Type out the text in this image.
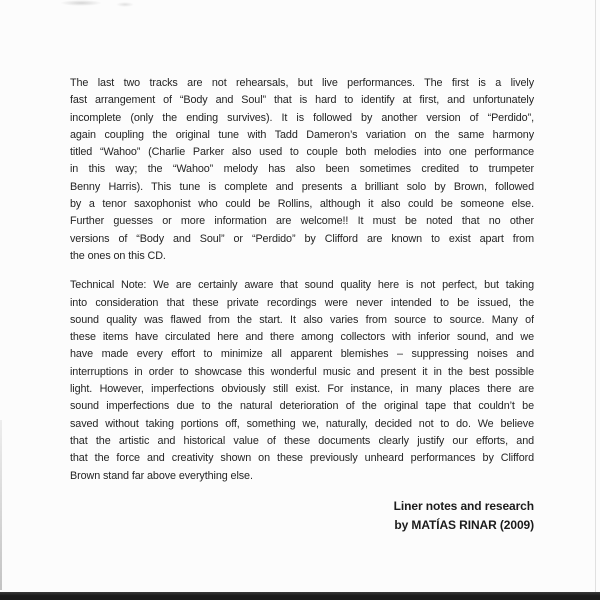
The last two tracks are not rehearsals, but live performances. The first is a lively
fast arrangement of “Body and Soul” that is hard to identify at first, and unfortunately
incomplete (only the ending survives). It is followed by another version of “Perdido”,
again coupling the original tune with Tadd Dameron’s variation on the same harmony
titled “Wahoo” (Charlie Parker also used to couple both melodies into one performance
in this way; the “Wahoo” melody has also been sometimes credited to trumpeter
Benny Harris). This tune is complete and presents a brilliant solo by Brown, followed
by a tenor saxophonist who could be Rollins, although it also could be someone else.
Further guesses or more information are welcome!! It must be noted that no other
versions of “Body and Soul” or “Perdido” by Clifford are known to exist apart from
the ones on this CD.
Technical Note: We are certainly aware that sound quality here is not perfect, but taking
into consideration that these private recordings were never intended to be issued, the
sound quality was flawed from the start. It also varies from source to source. Many of
these items have circulated here and there among collectors with inferior sound, and we
have made every effort to minimize all apparent blemishes – suppressing noises and
interruptions in order to showcase this wonderful music and present it in the best possible
light. However, imperfections obviously still exist. For instance, in many places there are
sound imperfections due to the natural deterioration of the original tape that couldn’t be
saved without taking portions off, something we, naturally, decided not to do. We believe
that the artistic and historical value of these documents clearly justify our efforts, and
that the force and creativity shown on these previously unheard performances by Clifford
Brown stand far above everything else.
Liner notes and research
by MATÍAS RINAR (2009)
